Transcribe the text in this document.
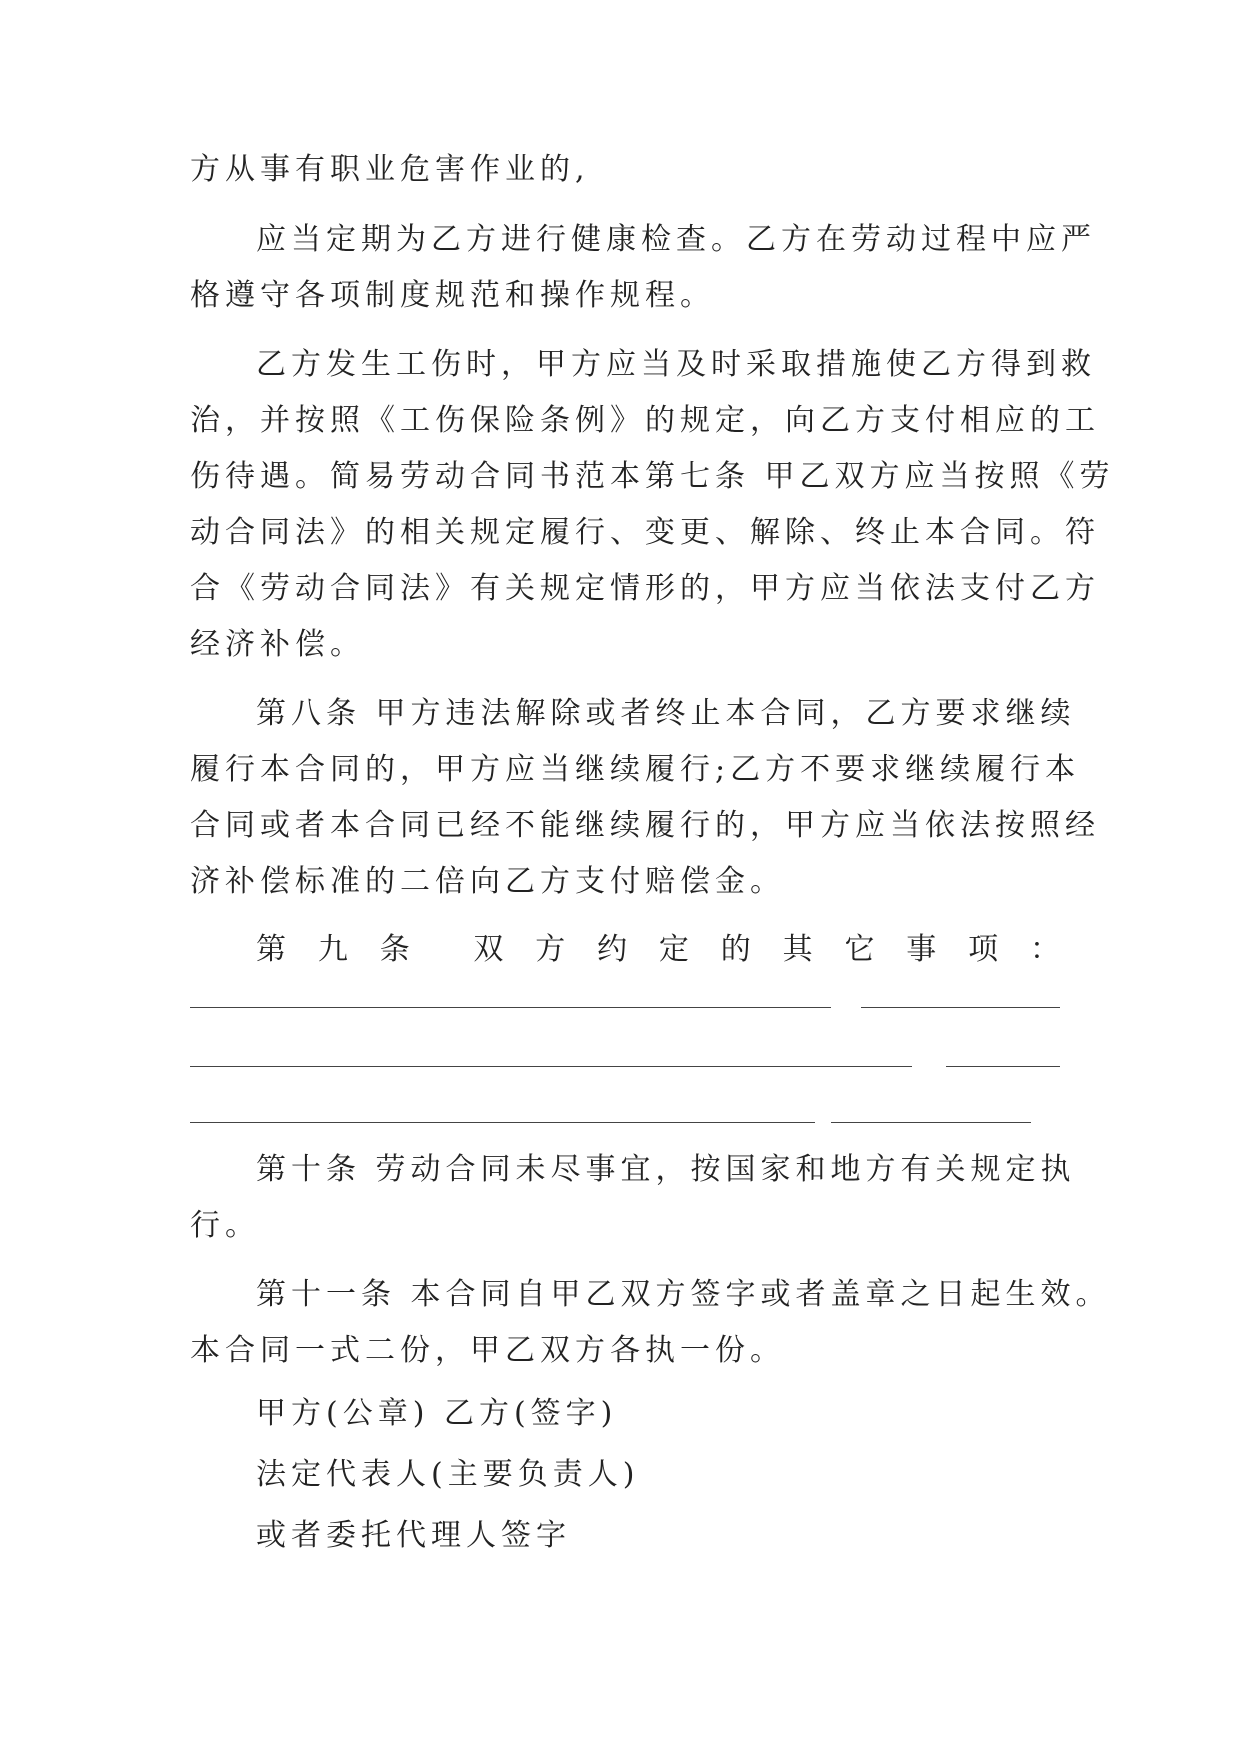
方从事有职业危害作业的,
应当定期为乙方进行健康检查。乙方在劳动过程中应严
格遵守各项制度规范和操作规程。
乙方发生工伤时，甲方应当及时采取措施使乙方得到救
治，并按照《工伤保险条例》的规定，向乙方支付相应的工
伤待遇。简易劳动合同书范本第七条 甲乙双方应当按照《劳
动合同法》的相关规定履行、变更、解除、终止本合同。符
合《劳动合同法》有关规定情形的，甲方应当依法支付乙方
经济补偿。
第八条 甲方违法解除或者终止本合同，乙方要求继续
履行本合同的，甲方应当继续履行;乙方不要求继续履行本
合同或者本合同已经不能继续履行的，甲方应当依法按照经
济补偿标准的二倍向乙方支付赔偿金。
第 九 条 双 方 约 定 的 其 它 事 项 ：
第十条 劳动合同未尽事宜，按国家和地方有关规定执
行。
第十一条 本合同自甲乙双方签字或者盖章之日起生效。
本合同一式二份，甲乙双方各执一份。
甲方(公章) 乙方(签字)
法定代表人(主要负责人)
或者委托代理人签字
